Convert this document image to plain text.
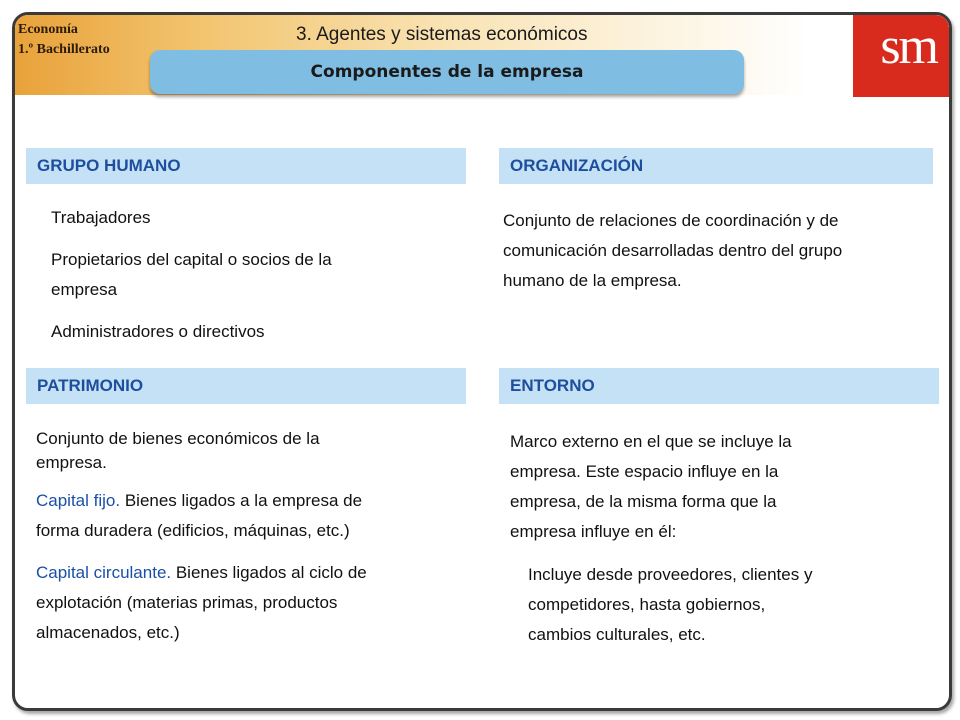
sm
Economía
1.º Bachillerato
3. Agentes y sistemas económicos
Componentes de la empresa
GRUPO HUMANO
Trabajadores
Propietarios del capital o socios de la
empresa
Administradores o directivos
ORGANIZACIÓN
Conjunto de relaciones de coordinación y de
comunicación desarrolladas dentro del grupo
humano de la empresa.
PATRIMONIO
Conjunto de bienes económicos de la
empresa.
Capital fijo. Bienes ligados a la empresa de
forma duradera (edificios, máquinas, etc.)
Capital circulante. Bienes ligados al ciclo de
explotación (materias primas, productos
almacenados, etc.)
ENTORNO
Marco externo en el que se incluye la
empresa. Este espacio influye en la
empresa, de la misma forma que la
empresa influye en él:
Incluye desde proveedores, clientes y
competidores, hasta gobiernos,
cambios culturales, etc.
